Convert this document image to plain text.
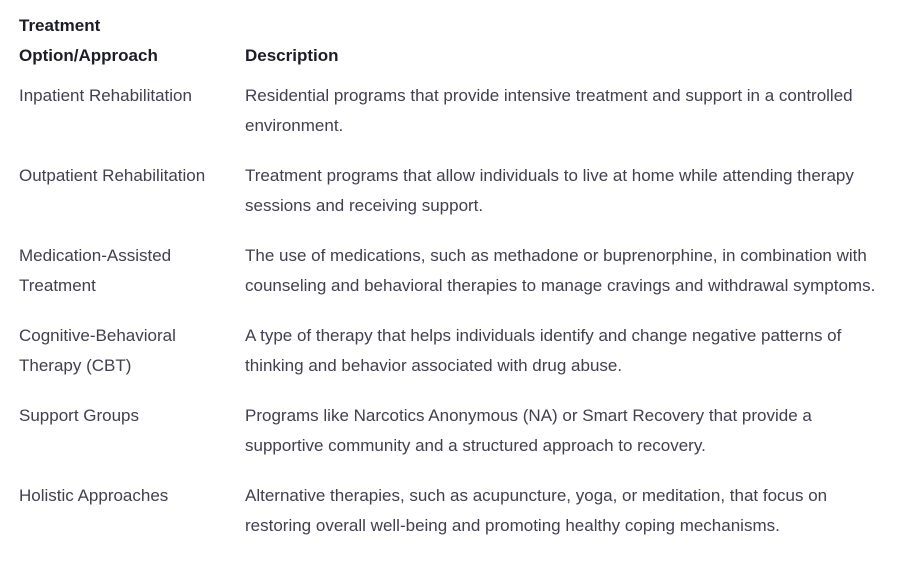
Treatment
Option/Approach	Description

Inpatient Rehabilitation	Residential programs that provide intensive treatment and support in a controlled
environment.

Outpatient Rehabilitation	Treatment programs that allow individuals to live at home while attending therapy
sessions and receiving support.

Medication-Assisted
Treatment	The use of medications, such as methadone or buprenorphine, in combination with
counseling and behavioral therapies to manage cravings and withdrawal symptoms.

Cognitive-Behavioral
Therapy (CBT)	A type of therapy that helps individuals identify and change negative patterns of
thinking and behavior associated with drug abuse.

Support Groups	Programs like Narcotics Anonymous (NA) or Smart Recovery that provide a
supportive community and a structured approach to recovery.

Holistic Approaches	Alternative therapies, such as acupuncture, yoga, or meditation, that focus on
restoring overall well-being and promoting healthy coping mechanisms.
